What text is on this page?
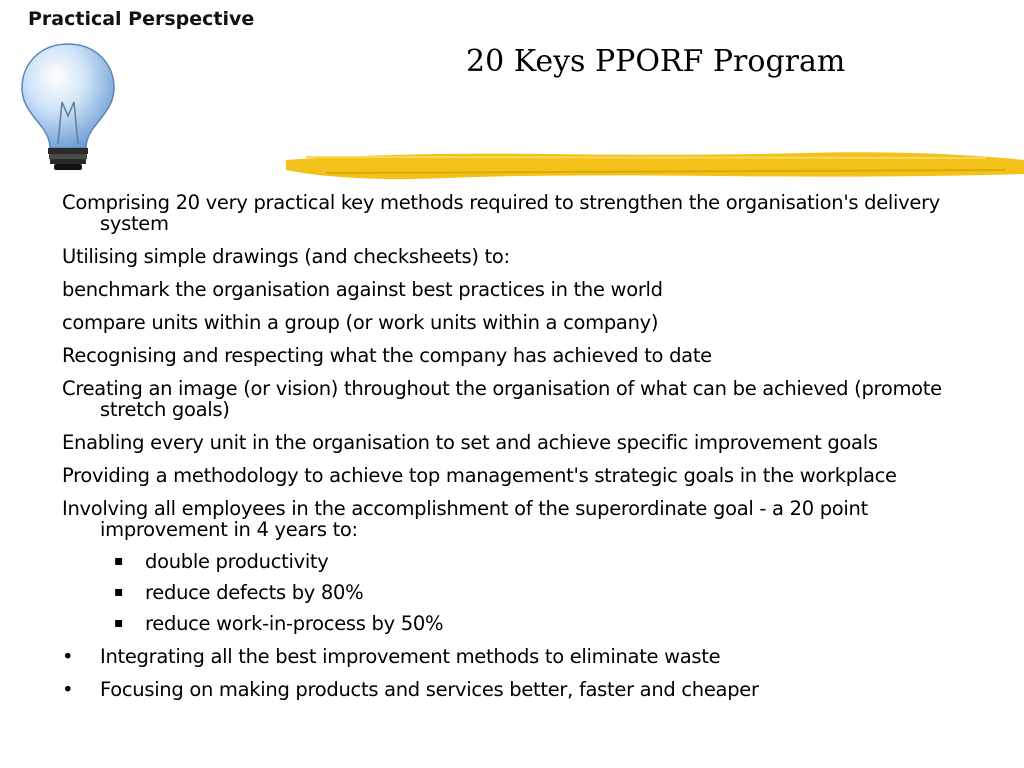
Practical Perspective
20 Keys PPORF Program
Comprising 20 very practical key methods required to strengthen the organisation's delivery system
Utilising simple drawings (and checksheets) to:
benchmark the organisation against best practices in the world
compare units within a group (or work units within a company)
Recognising and respecting what the company has achieved to date
Creating an image (or vision) throughout the organisation of what can be achieved (promote stretch goals)
Enabling every unit in the organisation to set and achieve specific improvement goals
Providing a methodology to achieve top management's strategic goals in the workplace
Involving all employees in the accomplishment of the superordinate goal - a 20 point improvement in 4 years to:
▪ double productivity
▪ reduce defects by 80%
▪ reduce work-in-process by 50%
• Integrating all the best improvement methods to eliminate waste
• Focusing on making products and services better, faster and cheaper
